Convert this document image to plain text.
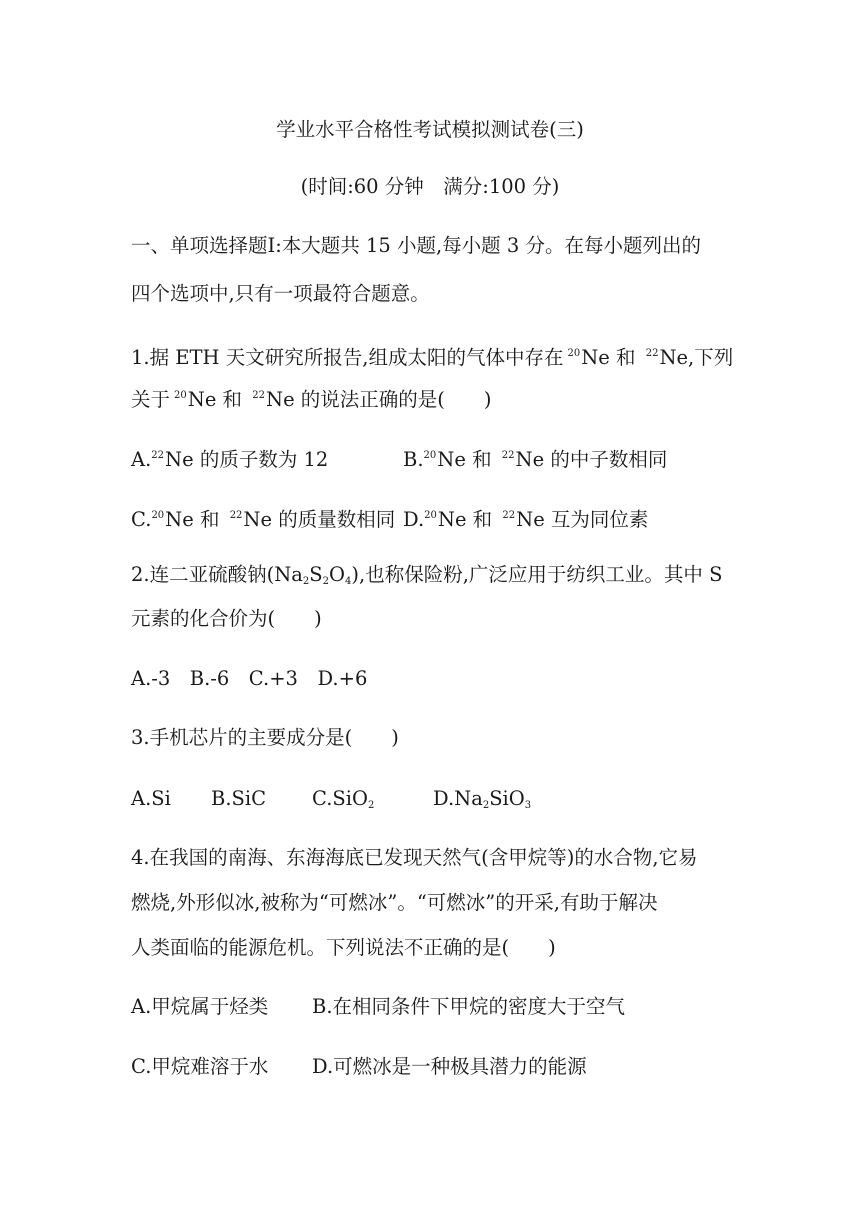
学业水平合格性考试模拟测试卷(三)
(时间:60 分钟　满分:100 分)
一、单项选择题Ⅰ:本大题共 15 小题,每小题 3 分。在每小题列出的
四个选项中,只有一项最符合题意。
1.据 ETH 天文研究所报告,组成太阳的气体中存在 $^{20}$Ne 和 $^{22}$Ne,下列
关于 $^{20}$Ne 和 $^{22}$Ne 的说法正确的是(　　)
A.$^{22}$Ne 的质子数为 12	B.$^{20}$Ne 和 $^{22}$Ne 的中子数相同
C.$^{20}$Ne 和 $^{22}$Ne 的质量数相同 D.$^{20}$Ne 和 $^{22}$Ne 互为同位素
2.连二亚硫酸钠$(Na_2S_2O_4)$,也称保险粉,广泛应用于纺织工业。其中 S
元素的化合价为(　　)
A.-3　B.-6　C.+3　D.+6
3.手机芯片的主要成分是(　　)
A.Si B.SiC C.SiO$_2$	$D.Na_2SiO_3$
4.在我国的南海、东海海底已发现天然气(含甲烷等)的水合物,它易
燃烧,外形似冰,被称为“可燃冰”。“可燃冰”的开采,有助于解决
人类面临的能源危机。下列说法不正确的是(　　)
A.甲烷属于烃类 B.在相同条件下甲烷的密度大于空气
C.甲烷难溶于水 D.可燃冰是一种极具潜力的能源
